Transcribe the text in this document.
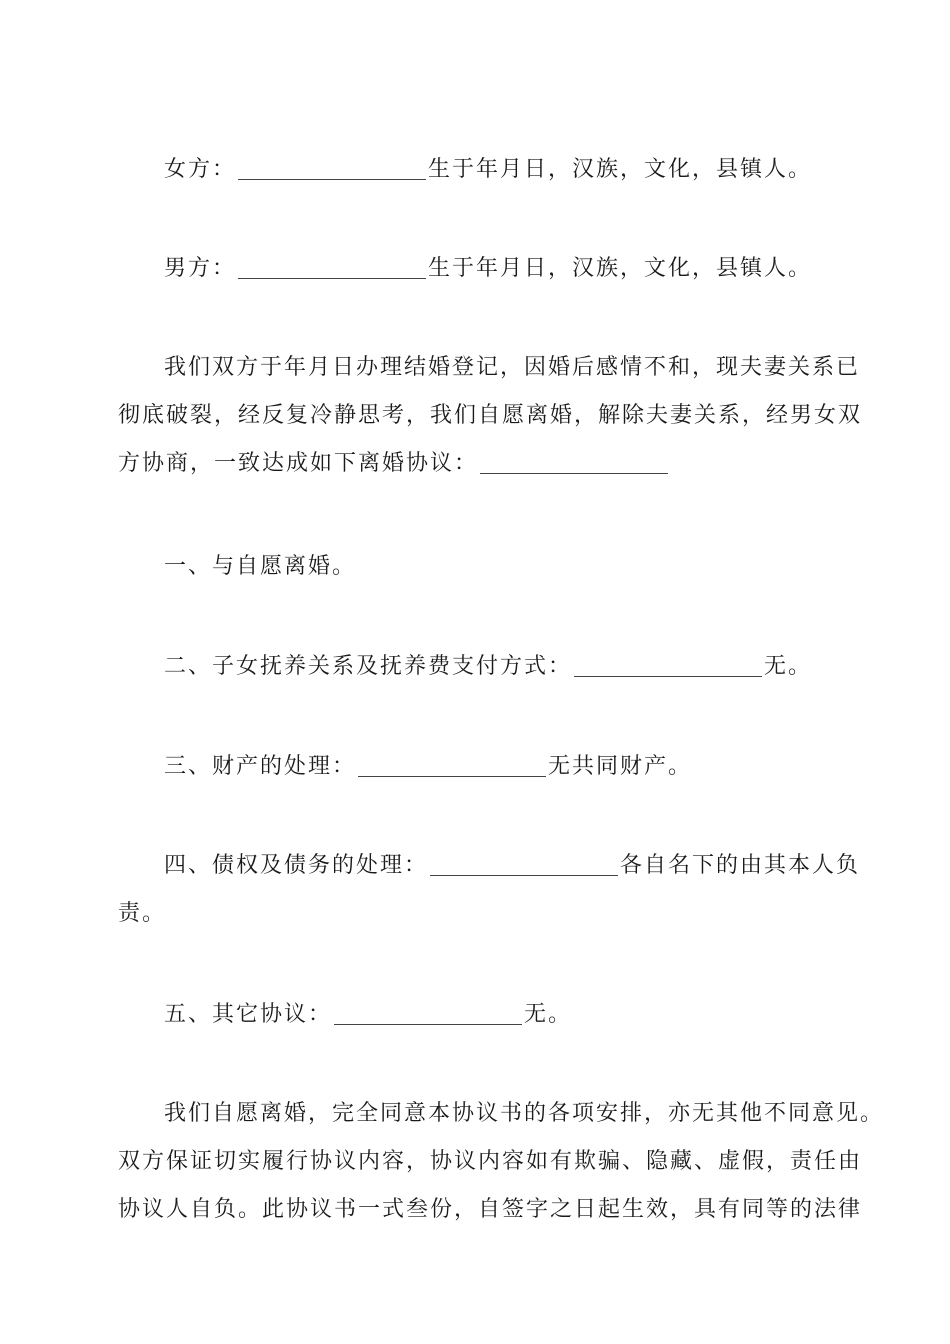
女方：	生于年月日，汉族，文化，县镇人。

男方：	生于年月日，汉族，文化，县镇人。

我们双方于年月日办理结婚登记，因婚后感情不和，现夫妻关系已
彻底破裂，经反复冷静思考，我们自愿离婚，解除夫妻关系，经男女双
方协商，一致达成如下离婚协议：

一、与自愿离婚。

二、子女抚养关系及抚养费支付方式：	无。

三、财产的处理：	无共同财产。

四、债权及债务的处理：	各自名下的由其本人负
责。

五、其它协议：	无。

我们自愿离婚，完全同意本协议书的各项安排，亦无其他不同意见。
双方保证切实履行协议内容，协议内容如有欺骗、隐藏、虚假，责任由
协议人自负。此协议书一式叁份，自签字之日起生效，具有同等的法律
